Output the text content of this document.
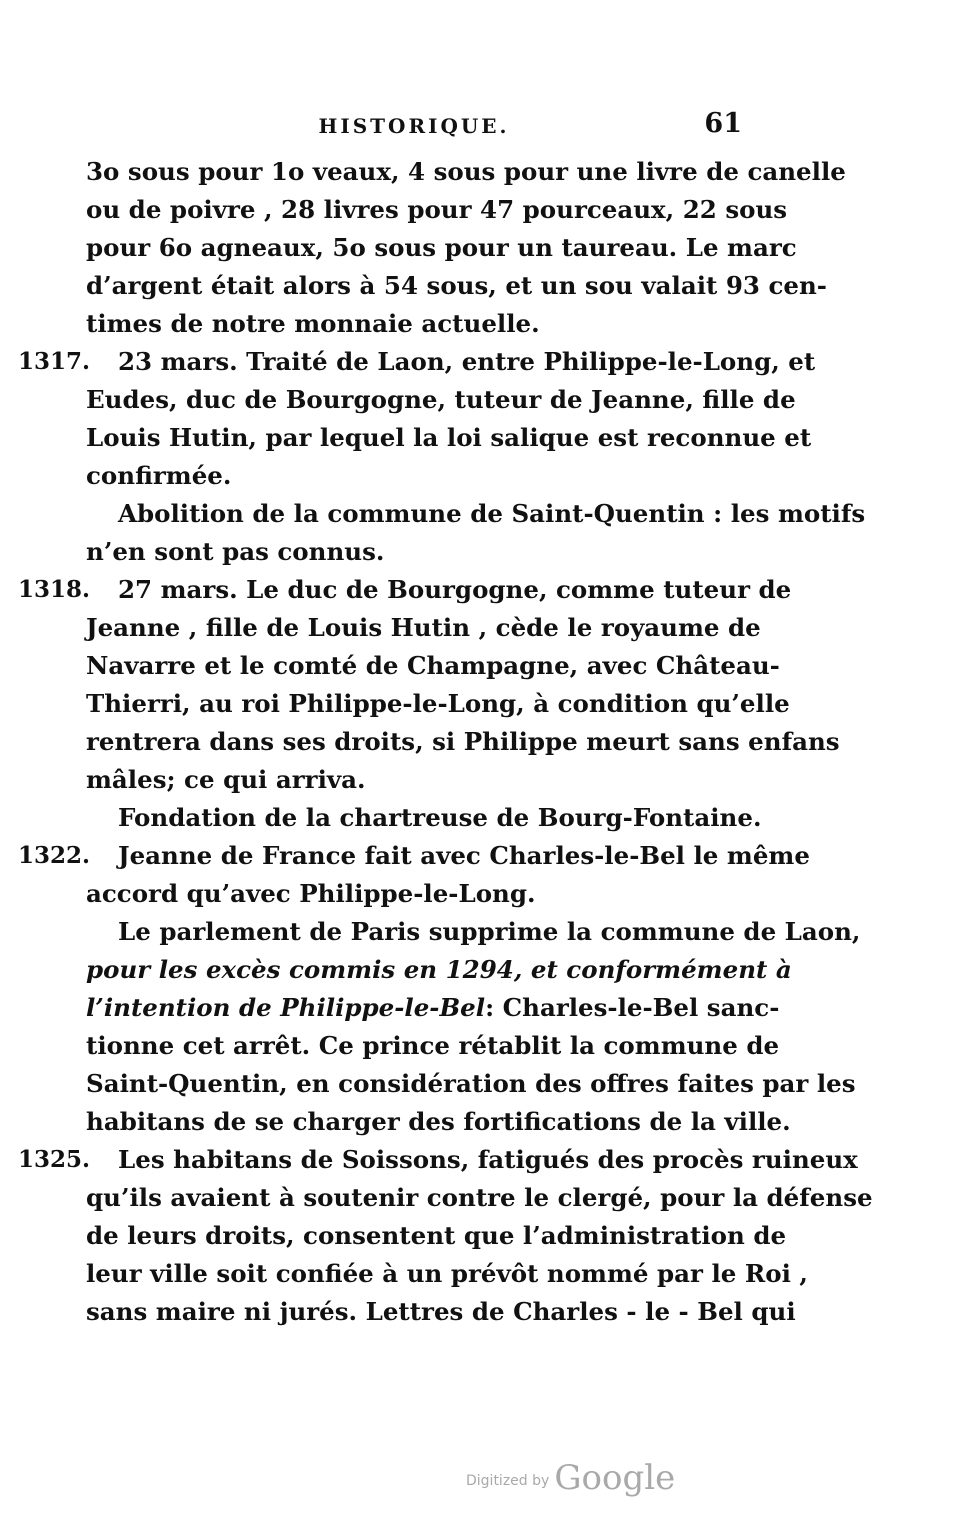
HISTORIQUE.	61
3o sous pour 1o veaux, 4 sous pour une livre de canelle
ou de poivre , 28 livres pour 47 pourceaux, 22 sous
pour 6o agneaux, 5o sous pour un taureau. Le marc
d’argent était alors à 54 sous, et un sou valait 93 cen-
times de notre monnaie actuelle.
1317.	23 mars. Traité de Laon, entre Philippe-le-Long, et
Eudes, duc de Bourgogne, tuteur de Jeanne, fille de
Louis Hutin, par lequel la loi salique est reconnue et
confirmée.
Abolition de la commune de Saint-Quentin : les motifs
n’en sont pas connus.
1318.	27 mars. Le duc de Bourgogne, comme tuteur de
Jeanne , fille de Louis Hutin , cède le royaume de
Navarre et le comté de Champagne, avec Château-
Thierri, au roi Philippe-le-Long, à condition qu’elle
rentrera dans ses droits, si Philippe meurt sans enfans
mâles; ce qui arriva.
Fondation de la chartreuse de Bourg-Fontaine.
1322.	Jeanne de France fait avec Charles-le-Bel le même
accord qu’avec Philippe-le-Long.
Le parlement de Paris supprime la commune de Laon,
pour les excès commis en 1294, et conformément à
l’intention de Philippe-le-Bel : Charles-le-Bel sanc-
tionne cet arrêt. Ce prince rétablit la commune de
Saint-Quentin, en considération des offres faites par les
habitans de se charger des fortifications de la ville.
1325.	Les habitans de Soissons, fatigués des procès ruineux
qu’ils avaient à soutenir contre le clergé, pour la défense
de leurs droits, consentent que l’administration de
leur ville soit confiée à un prévôt nommé par le Roi ,
sans maire ni jurés. Lettres de Charles - le - Bel qui
Digitized by Google
